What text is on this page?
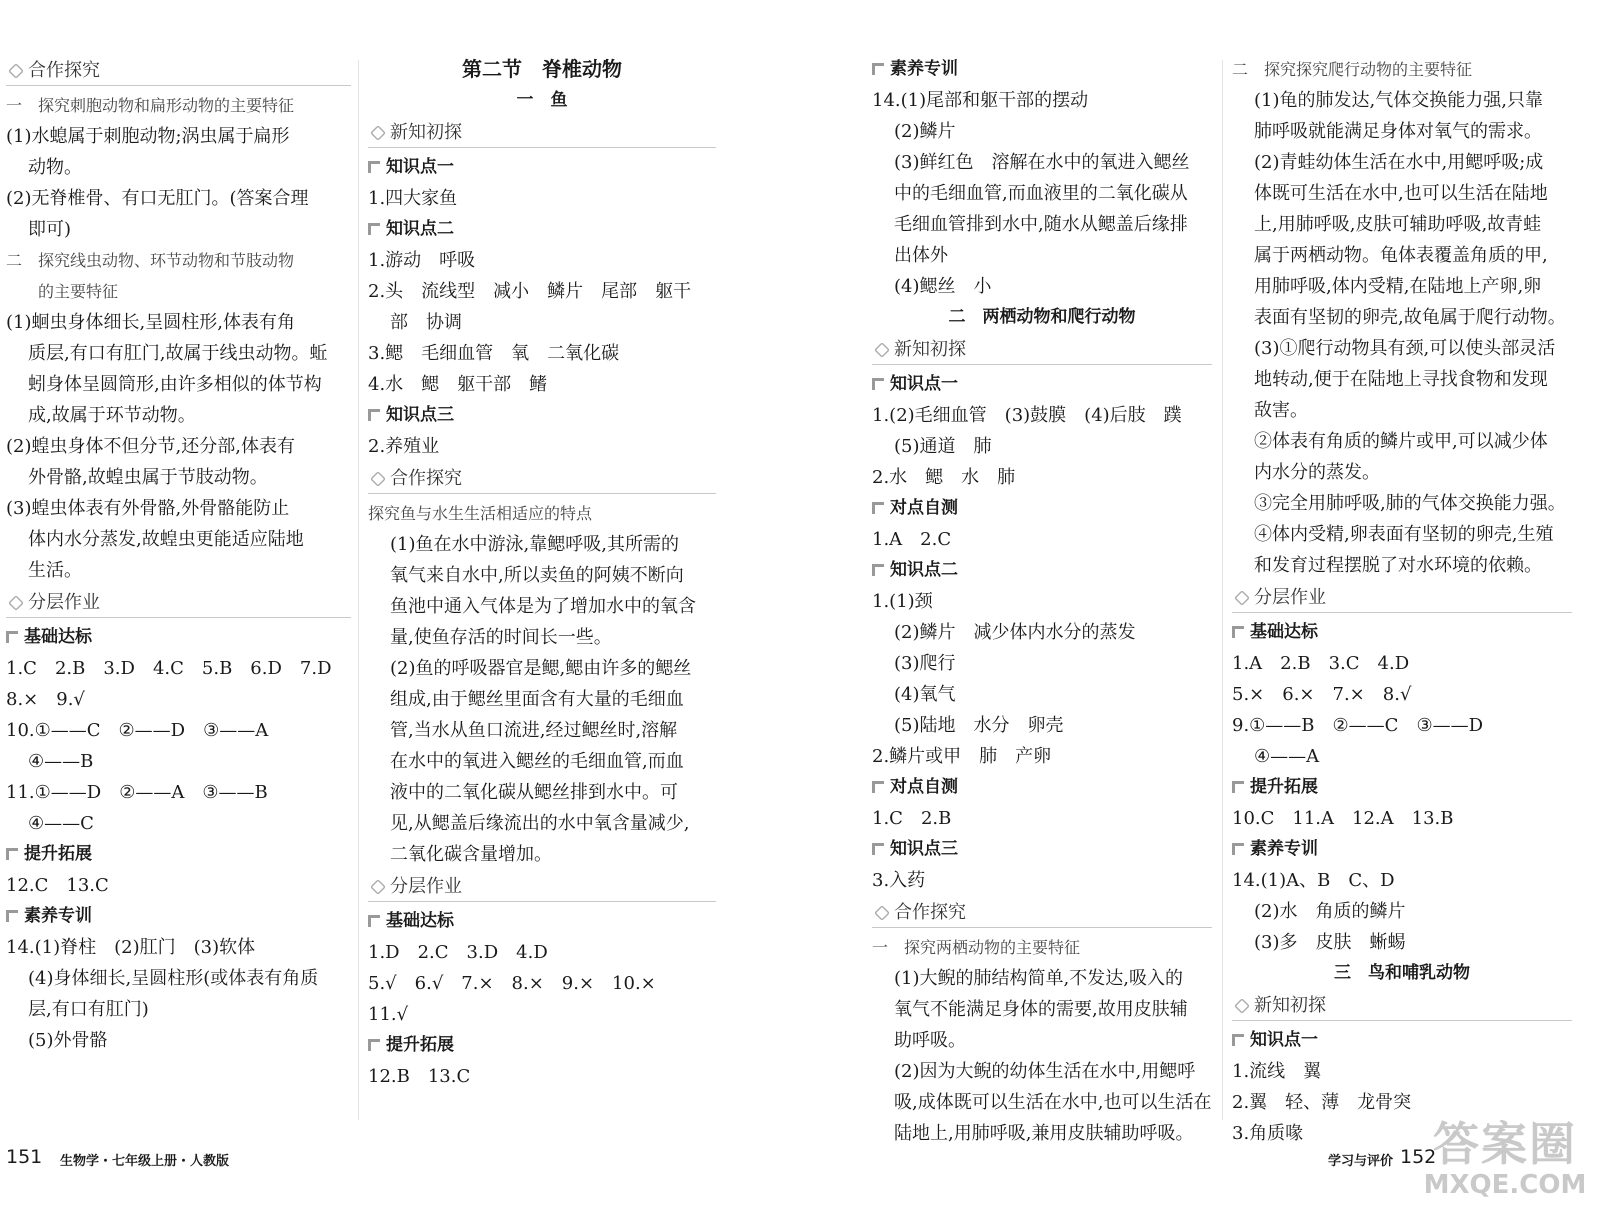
合作探究

一　探究刺胞动物和扁形动物的主要特征

(1)水螅属于刺胞动物;涡虫属于扁形

动物。

(2)无脊椎骨、有口无肛门。(答案合理

即可)

二　探究线虫动物、环节动物和节肢动物

　　的主要特征

(1)蛔虫身体细长,呈圆柱形,体表有角

质层,有口有肛门,故属于线虫动物。蚯

蚓身体呈圆筒形,由许多相似的体节构

成,故属于环节动物。

(2)蝗虫身体不但分节,还分部,体表有

外骨骼,故蝗虫属于节肢动物。

(3)蝗虫体表有外骨骼,外骨骼能防止

体内水分蒸发,故蝗虫更能适应陆地

生活。

分层作业

基础达标

1.C　2.B　3.D　4.C　5.B　6.D　7.D

8.×　9.√

10.①——C　②——D　③——A

④——B

11.①——D　②——A　③——B

④——C

提升拓展

12.C　13.C

素养专训

14.(1)脊柱　(2)肛门　(3)软体

(4)身体细长,呈圆柱形(或体表有角质

层,有口有肛门)

(5)外骨骼

第二节　脊椎动物

一　鱼

新知初探

知识点一

1.四大家鱼

知识点二

1.游动　呼吸

2.头　流线型　减小　鳞片　尾部　躯干

部　协调

3.鳃　毛细血管　氧　二氧化碳

4.水　鳃　躯干部　鳍

知识点三

2.养殖业

合作探究

探究鱼与水生生活相适应的特点

(1)鱼在水中游泳,靠鳃呼吸,其所需的

氧气来自水中,所以卖鱼的阿姨不断向

鱼池中通入气体是为了增加水中的氧含

量,使鱼存活的时间长一些。

(2)鱼的呼吸器官是鳃,鳃由许多的鳃丝

组成,由于鳃丝里面含有大量的毛细血

管,当水从鱼口流进,经过鳃丝时,溶解

在水中的氧进入鳃丝的毛细血管,而血

液中的二氧化碳从鳃丝排到水中。可

见,从鳃盖后缘流出的水中氧含量减少,

二氧化碳含量增加。

分层作业

基础达标

1.D　2.C　3.D　4.D

5.√　6.√　7.×　8.×　9.×　10.×

11.√

提升拓展

12.B　13.C

素养专训

14.(1)尾部和躯干部的摆动

(2)鳞片

(3)鲜红色　溶解在水中的氧进入鳃丝

中的毛细血管,而血液里的二氧化碳从

毛细血管排到水中,随水从鳃盖后缘排

出体外

(4)鳃丝　小

二　两栖动物和爬行动物

新知初探

知识点一

1.(2)毛细血管　(3)鼓膜　(4)后肢　蹼

(5)通道　肺

2.水　鳃　水　肺

对点自测

1.A　2.C

知识点二

1.(1)颈

(2)鳞片　减少体内水分的蒸发

(3)爬行

(4)氧气

(5)陆地　水分　卵壳

2.鳞片或甲　肺　产卵

对点自测

1.C　2.B

知识点三

3.入药

合作探究

一　探究两栖动物的主要特征

(1)大鲵的肺结构简单,不发达,吸入的

氧气不能满足身体的需要,故用皮肤辅

助呼吸。

(2)因为大鲵的幼体生活在水中,用鳃呼

吸,成体既可以生活在水中,也可以生活在

陆地上,用肺呼吸,兼用皮肤辅助呼吸。

二　探究探究爬行动物的主要特征

(1)龟的肺发达,气体交换能力强,只靠

肺呼吸就能满足身体对氧气的需求。

(2)青蛙幼体生活在水中,用鳃呼吸;成

体既可生活在水中,也可以生活在陆地

上,用肺呼吸,皮肤可辅助呼吸,故青蛙

属于两栖动物。龟体表覆盖角质的甲,

用肺呼吸,体内受精,在陆地上产卵,卵

表面有坚韧的卵壳,故龟属于爬行动物。

(3)①爬行动物具有颈,可以使头部灵活

地转动,便于在陆地上寻找食物和发现

敌害。

②体表有角质的鳞片或甲,可以减少体

内水分的蒸发。

③完全用肺呼吸,肺的气体交换能力强。

④体内受精,卵表面有坚韧的卵壳,生殖

和发育过程摆脱了对水环境的依赖。

分层作业

基础达标

1.A　2.B　3.C　4.D

5.×　6.×　7.×　8.√

9.①——B　②——C　③——D

④——A

提升拓展

10.C　11.A　12.A　13.B

素养专训

14.(1)A、B　C、D

(2)水　角质的鳞片

(3)多　皮肤　蜥蜴

三　鸟和哺乳动物

新知初探

知识点一

1.流线　翼

2.翼　轻、薄　龙骨突

3.角质喙

151 生物学・七年级上册・人教版	学习与评价 152
答案圈
MXQE.COM
